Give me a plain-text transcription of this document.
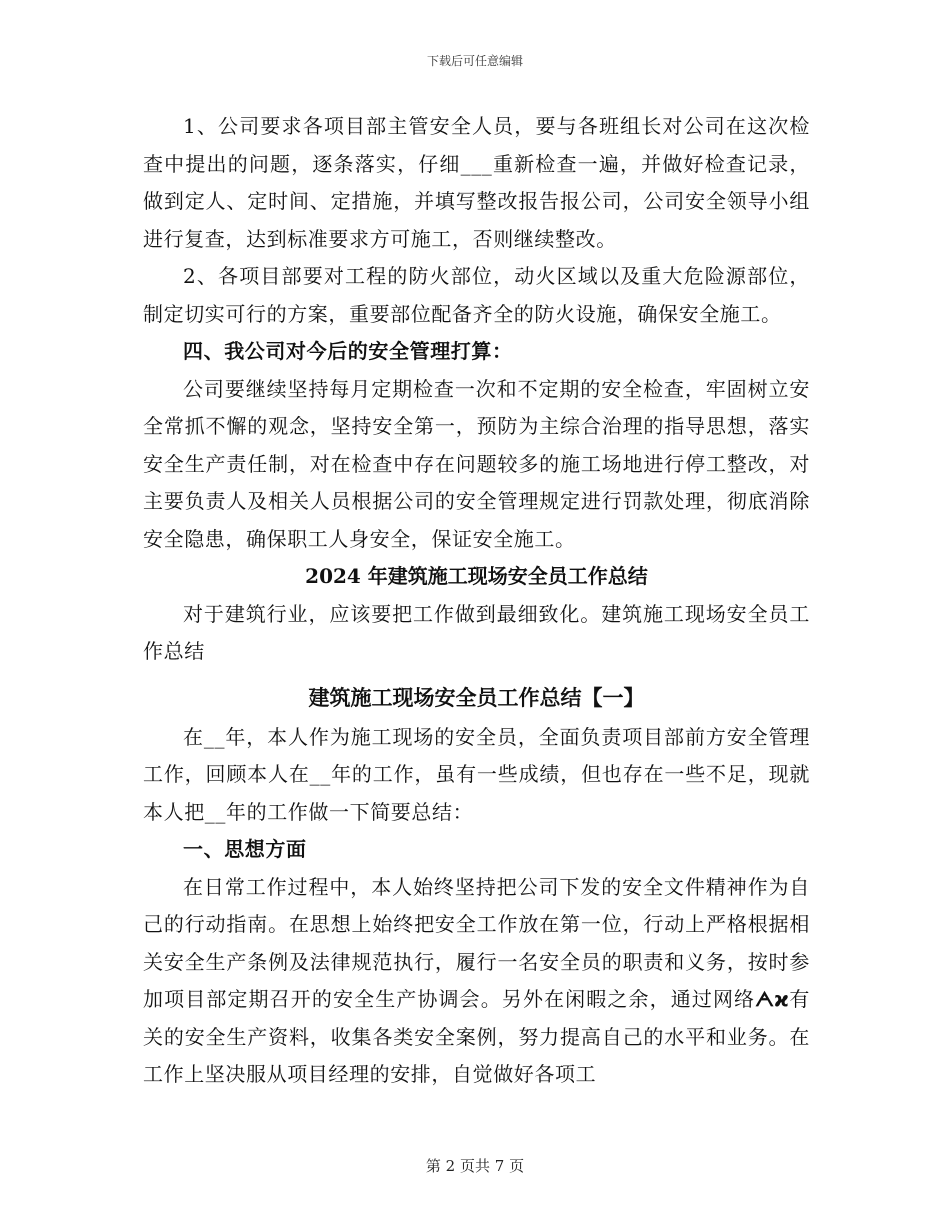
下载后可任意编辑

1、公司要求各项目部主管安全人员，要与各班组长对公司在这次检查中提出的问题，逐条落实，仔细___重新检查一遍，并做好检查记录，做到定人、定时间、定措施，并填写整改报告报公司，公司安全领导小组进行复查，达到标准要求方可施工，否则继续整改。

2、各项目部要对工程的防火部位，动火区域以及重大危险源部位，制定切实可行的方案，重要部位配备齐全的防火设施，确保安全施工。

四、我公司对今后的安全管理打算：

公司要继续坚持每月定期检查一次和不定期的安全检查，牢固树立安全常抓不懈的观念，坚持安全第一，预防为主综合治理的指导思想，落实安全生产责任制，对在检查中存在问题较多的施工场地进行停工整改，对主要负责人及相关人员根据公司的安全管理规定进行罚款处理，彻底消除安全隐患，确保职工人身安全，保证安全施工。

2024 年建筑施工现场安全员工作总结

对于建筑行业，应该要把工作做到最细致化。建筑施工现场安全员工作总结

建筑施工现场安全员工作总结【一】

在__年，本人作为施工现场的安全员，全面负责项目部前方安全管理工作，回顾本人在__年的工作，虽有一些成绩，但也存在一些不足，现就本人把__年的工作做一下简要总结：

一、思想方面

在日常工作过程中，本人始终坚持把公司下发的安全文件精神作为自己的行动指南。在思想上始终把安全工作放在第一位，行动上严格根据相关安全生产条例及法律规范执行，履行一名安全员的职责和义务，按时参加项目部定期召开的安全生产协调会。另外在闲暇之余，通过网络ᗅϰ有关的安全生产资料，收集各类安全案例，努力提高自己的水平和业务。在工作上坚决服从项目经理的安排，自觉做好各项工

第 2 页共 7 页
